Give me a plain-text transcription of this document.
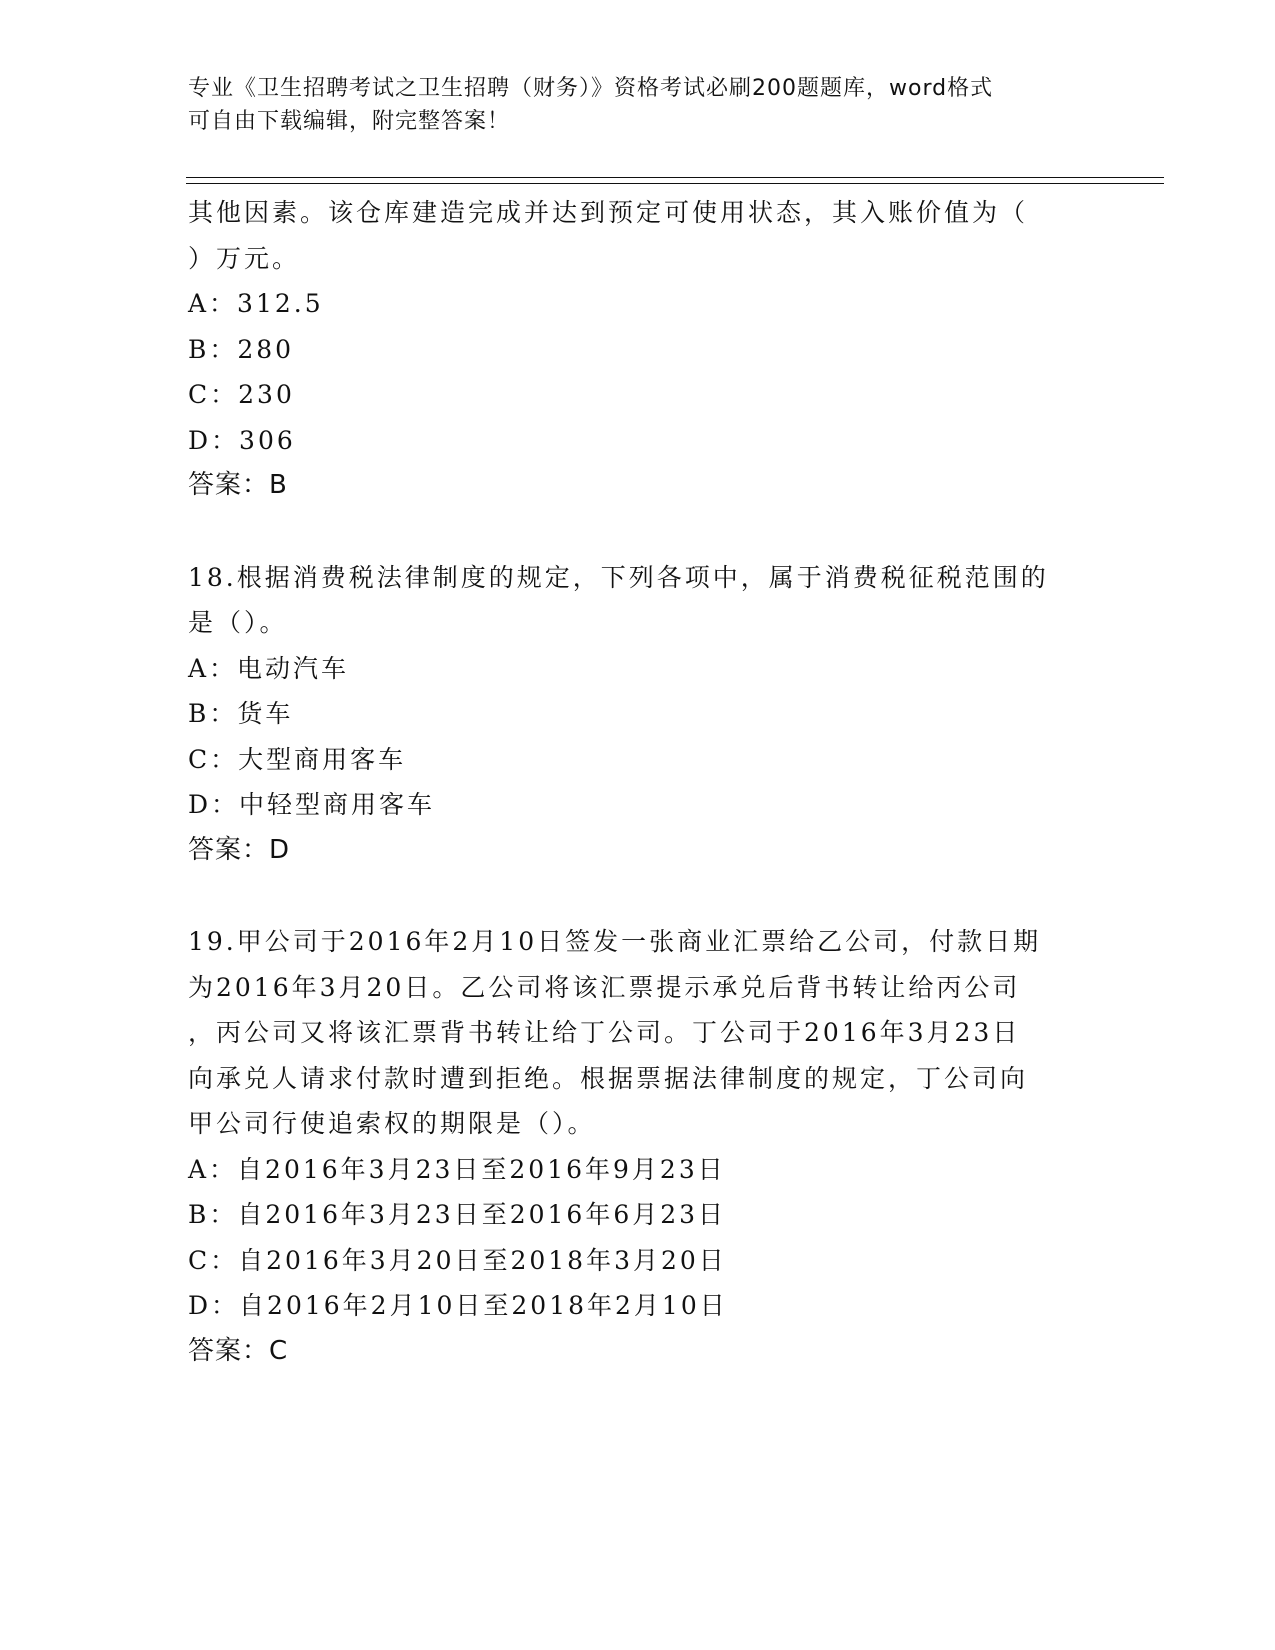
专业《卫生招聘考试之卫生招聘（财务）》资格考试必刷200题题库，word格式
可自由下载编辑，附完整答案！
其他因素。该仓库建造完成并达到预定可使用状态，其入账价值为（
）万元。
A：312.5
B：280
C：230
D：306
答案：B
18.根据消费税法律制度的规定，下列各项中，属于消费税征税范围的
是（）。
A：电动汽车
B：货车
C：大型商用客车
D：中轻型商用客车
答案：D
19.甲公司于2016年2月10日签发一张商业汇票给乙公司，付款日期
为2016年3月20日。乙公司将该汇票提示承兑后背书转让给丙公司
，丙公司又将该汇票背书转让给丁公司。丁公司于2016年3月23日
向承兑人请求付款时遭到拒绝。根据票据法律制度的规定，丁公司向
甲公司行使追索权的期限是（）。
A：自2016年3月23日至2016年9月23日
B：自2016年3月23日至2016年6月23日
C：自2016年3月20日至2018年3月20日
D：自2016年2月10日至2018年2月10日
答案：C
